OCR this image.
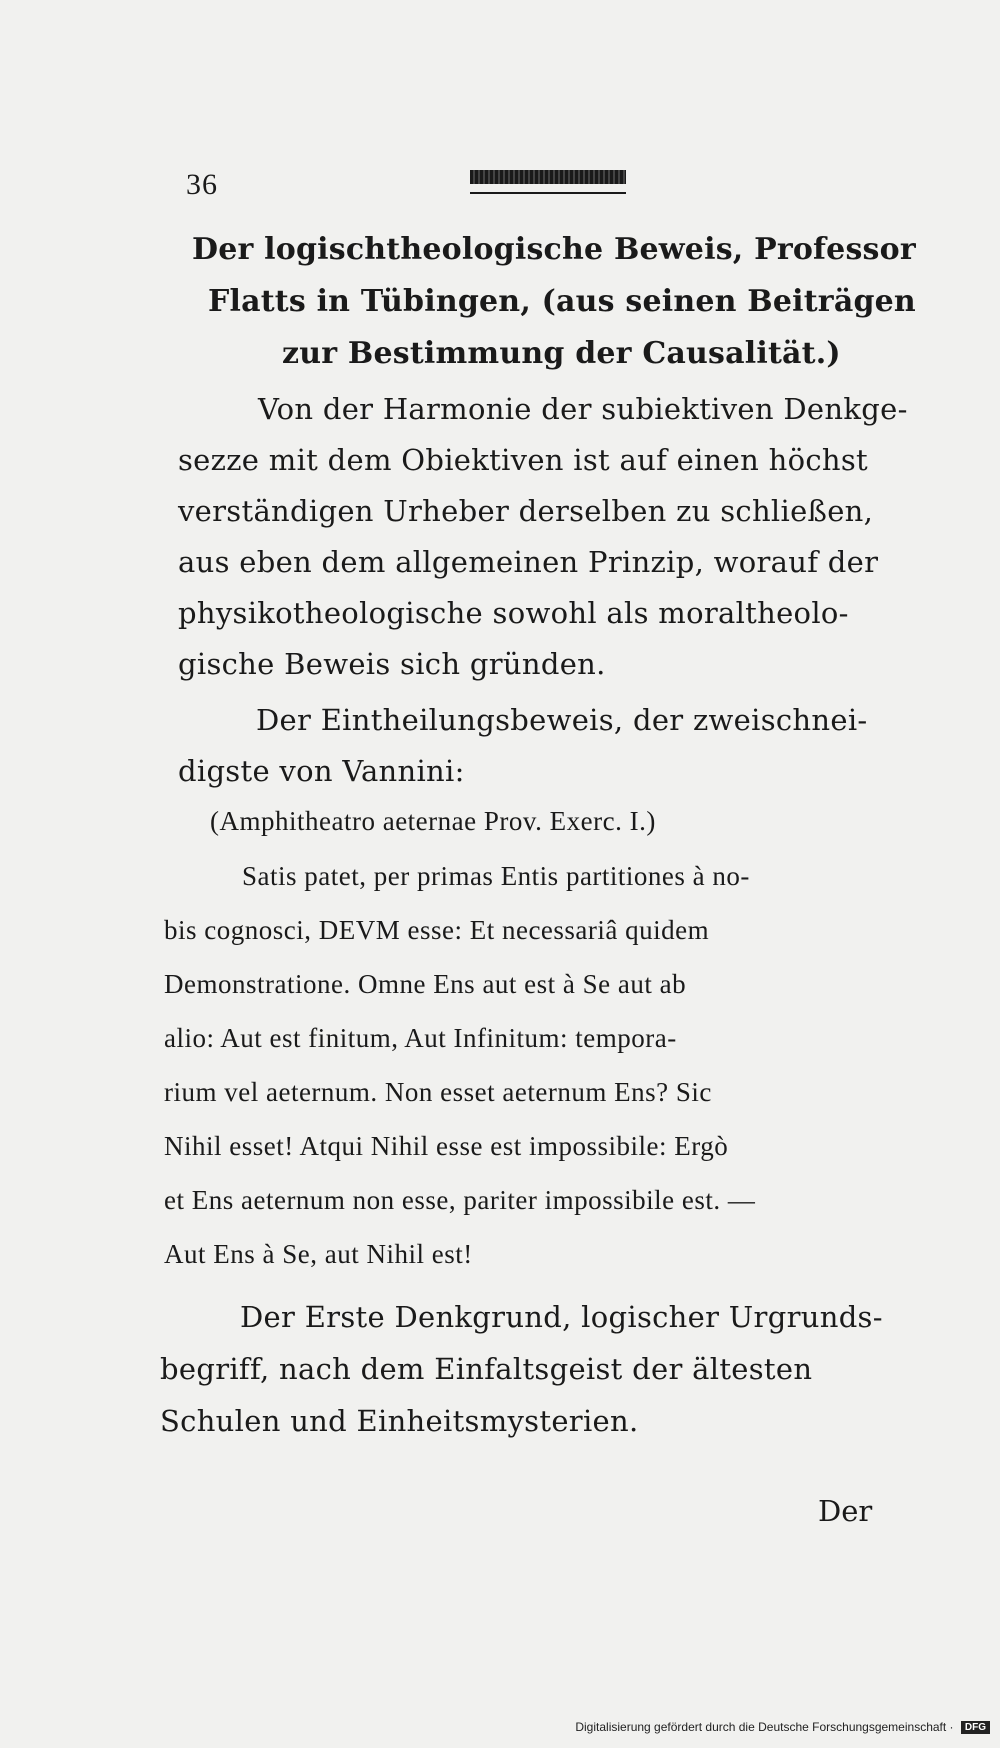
36
Der logischtheologische Beweis, Professor
Flatts in Tübingen, (aus seinen Beiträgen
zur Bestimmung der Causalität.)
Von der Harmonie der subiektiven Denkge-
sezze mit dem Obiektiven ist auf einen höchst
verständigen Urheber derselben zu schließen,
aus eben dem allgemeinen Prinzip, worauf der
physikotheologische sowohl als moraltheolo-
gische Beweis sich gründen.
Der Eintheilungsbeweis, der zweischnei-
digste von Vannini:
(Amphitheatro aeternae Prov. Exerc. I.)
Satis patet, per primas Entis partitiones à no-
bis cognosci, DEVM esse: Et necessariâ quidem
Demonstratione. Omne Ens aut est à Se aut ab
alio: Aut est finitum, Aut Infinitum: tempora-
rium vel aeternum. Non esset aeternum Ens? Sic
Nihil esset! Atqui Nihil esse est impossibile: Ergò
et Ens aeternum non esse, pariter impossibile est. —
Aut Ens à Se, aut Nihil est!
Der Erste Denkgrund, logischer Urgrunds-
begriff, nach dem Einfaltsgeist der ältesten
Schulen und Einheitsmysterien.
Der
Digitalisierung gefördert durch die Deutsche Forschungsgemeinschaft · DFG
